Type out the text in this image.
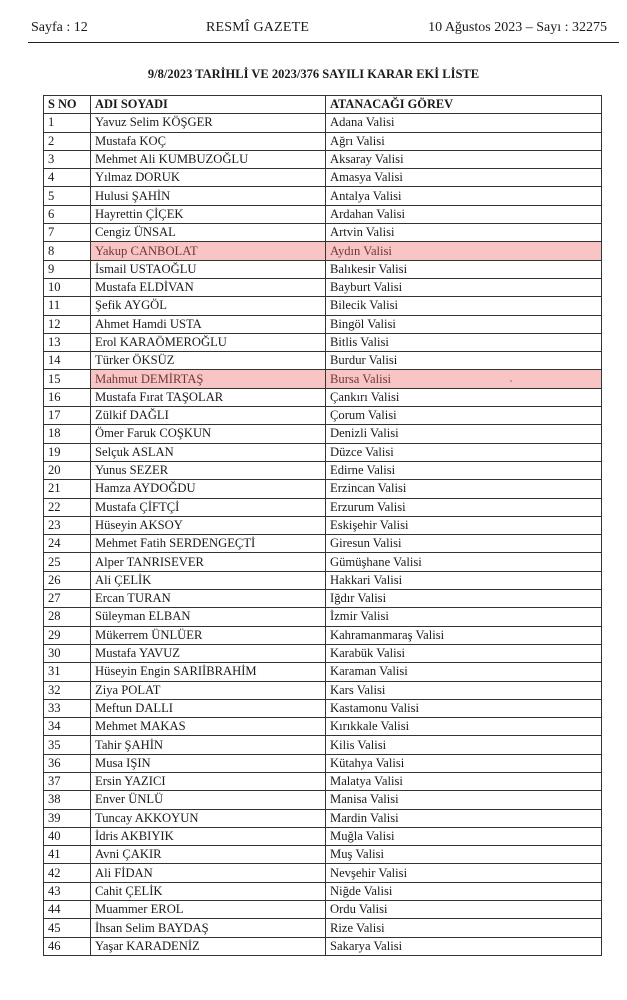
Sayfa : 12	RESMÎ GAZETE	10 Ağustos 2023 – Sayı : 32275
9/8/2023 TARİHLİ VE 2023/376 SAYILI KARAR EKİ LİSTE
S NO	ADI SOYADI	ATANACAĞI GÖREV
1	Yavuz Selim KÖŞGER	Adana Valisi
2	Mustafa KOÇ	Ağrı Valisi
3	Mehmet Ali KUMBUZOĞLU	Aksaray Valisi
4	Yılmaz DORUK	Amasya Valisi
5	Hulusi ŞAHİN	Antalya Valisi
6	Hayrettin ÇİÇEK	Ardahan Valisi
7	Cengiz ÜNSAL	Artvin Valisi
8	Yakup CANBOLAT	Aydın Valisi
9	İsmail USTAOĞLU	Balıkesir Valisi
10	Mustafa ELDİVAN	Bayburt Valisi
11	Şefik AYGÖL	Bilecik Valisi
12	Ahmet Hamdi USTA	Bingöl Valisi
13	Erol KARAÖMEROĞLU	Bitlis Valisi
14	Türker ÖKSÜZ	Burdur Valisi
15	Mahmut DEMİRTAŞ	Bursa Valisi
16	Mustafa Fırat TAŞOLAR	Çankırı Valisi
17	Zülkif DAĞLI	Çorum Valisi
18	Ömer Faruk COŞKUN	Denizli Valisi
19	Selçuk ASLAN	Düzce Valisi
20	Yunus SEZER	Edirne Valisi
21	Hamza AYDOĞDU	Erzincan Valisi
22	Mustafa ÇİFTÇİ	Erzurum Valisi
23	Hüseyin AKSOY	Eskişehir Valisi
24	Mehmet Fatih SERDENGEÇTİ	Giresun Valisi
25	Alper TANRISEVER	Gümüşhane Valisi
26	Ali ÇELİK	Hakkari Valisi
27	Ercan TURAN	Iğdır Valisi
28	Süleyman ELBAN	İzmir Valisi
29	Mükerrem ÜNLÜER	Kahramanmaraş Valisi
30	Mustafa YAVUZ	Karabük Valisi
31	Hüseyin Engin SARIİBRAHİM	Karaman Valisi
32	Ziya POLAT	Kars Valisi
33	Meftun DALLI	Kastamonu Valisi
34	Mehmet MAKAS	Kırıkkale Valisi
35	Tahir ŞAHİN	Kilis Valisi
36	Musa IŞIN	Kütahya Valisi
37	Ersin YAZICI	Malatya Valisi
38	Enver ÜNLÜ	Manisa Valisi
39	Tuncay AKKOYUN	Mardin Valisi
40	İdris AKBIYIK	Muğla Valisi
41	Avni ÇAKIR	Muş Valisi
42	Ali FİDAN	Nevşehir Valisi
43	Cahit ÇELİK	Niğde Valisi
44	Muammer EROL	Ordu Valisi
45	İhsan Selim BAYDAŞ	Rize Valisi
46	Yaşar KARADENİZ	Sakarya Valisi
